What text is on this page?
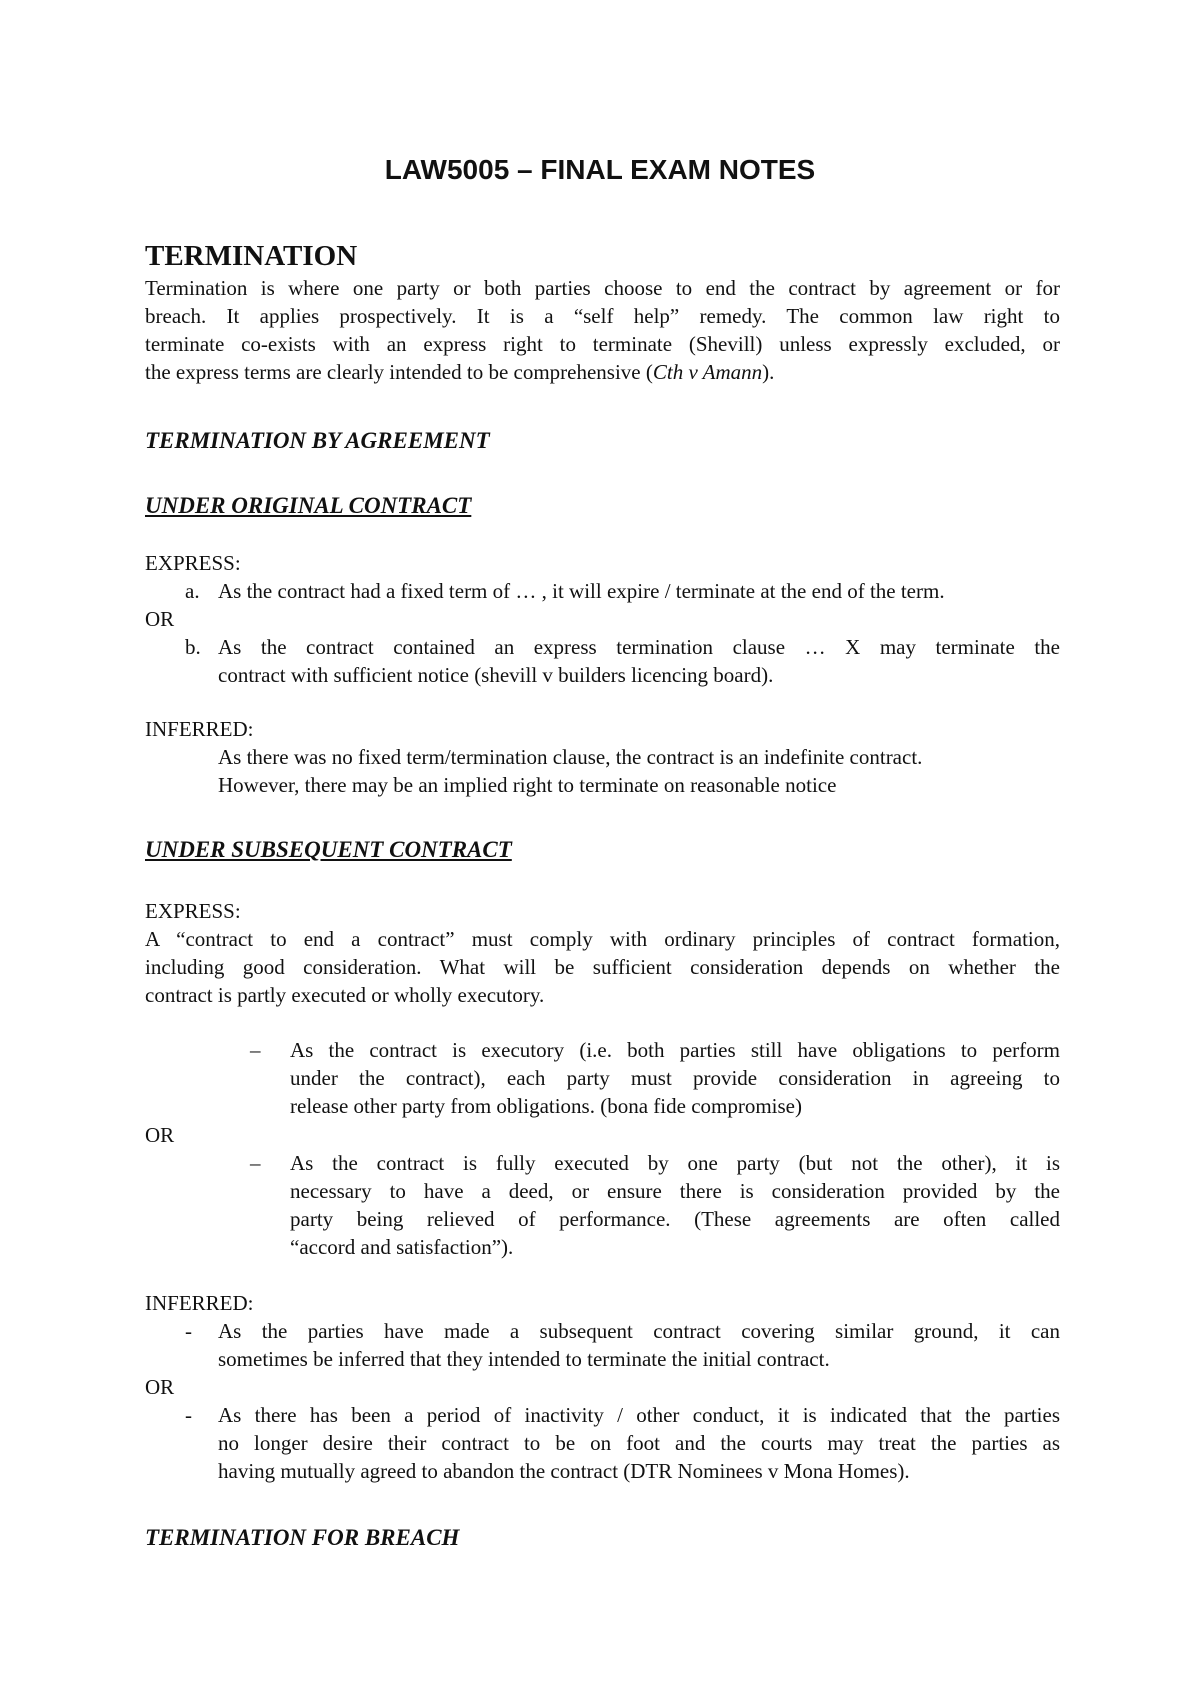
LAW5005 – FINAL EXAM NOTES
TERMINATION
Termination is where one party or both parties choose to end the contract by agreement or for
breach. It applies prospectively. It is a “self help” remedy. The common law right to
terminate co-exists with an express right to terminate (Shevill) unless expressly excluded, or
the express terms are clearly intended to be comprehensive (Cth v Amann).
TERMINATION BY AGREEMENT
UNDER ORIGINAL CONTRACT
EXPRESS:
a. As the contract had a fixed term of … , it will expire / terminate at the end of the term.
OR
b. As the contract contained an express termination clause … X may terminate the
contract with sufficient notice (shevill v builders licencing board).
INFERRED:
As there was no fixed term/termination clause, the contract is an indefinite contract.
However, there may be an implied right to terminate on reasonable notice
UNDER SUBSEQUENT CONTRACT
EXPRESS:
A “contract to end a contract” must comply with ordinary principles of contract formation,
including good consideration. What will be sufficient consideration depends on whether the
contract is partly executed or wholly executory.
– As the contract is executory (i.e. both parties still have obligations to perform
under the contract), each party must provide consideration in agreeing to
release other party from obligations. (bona fide compromise)
OR
– As the contract is fully executed by one party (but not the other), it is
necessary to have a deed, or ensure there is consideration provided by the
party being relieved of performance. (These agreements are often called
“accord and satisfaction”).
INFERRED:
- As the parties have made a subsequent contract covering similar ground, it can
sometimes be inferred that they intended to terminate the initial contract.
OR
- As there has been a period of inactivity / other conduct, it is indicated that the parties
no longer desire their contract to be on foot and the courts may treat the parties as
having mutually agreed to abandon the contract (DTR Nominees v Mona Homes).
TERMINATION FOR BREACH
